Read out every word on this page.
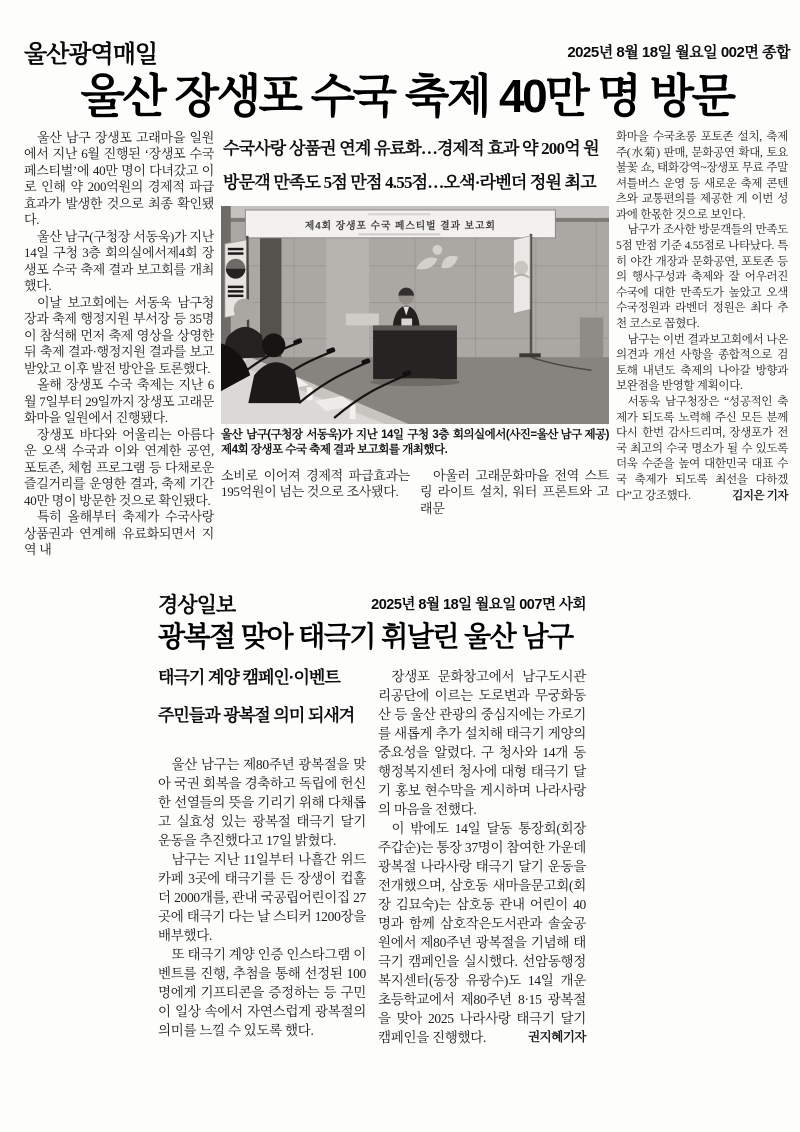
울산광역매일	2025년 8월 18일 월요일 002면 종합
울산 장생포 수국 축제 40만 명 방문

울산 남구 장생포 고래마을 일원에서 지난 6월 진행된 ‘장생포 수국 페스티벌’에 40만 명이 다녀갔고 이로 인해 약 200억원의 경제적 파급효과가 발생한 것으로 최종 확인됐다.

울산 남구(구청장 서동욱)가 지난 14일 구청 3층 회의실에서제4회 장생포 수국 축제 결과 보고회를 개최했다.

이날 보고회에는 서동욱 남구청장과 축제 행정지원 부서장 등 35명이 참석해 먼저 축제 영상을 상영한 뒤 축제 결과·행정지원 결과를 보고 받았고 이후 발전 방안을 토론했다.

올해 장생포 수국 축제는 지난 6월 7일부터 29일까지 장생포 고래문화마을 일원에서 진행됐다.

장생포 바다와 어울리는 아름다운 오색 수국과 이와 연계한 공연, 포토존, 체험 프로그램 등 다채로운 즐길거리를 운영한 결과, 축제 기간 40만 명이 방문한 것으로 확인됐다.

특히 올해부터 축제가 수국사랑 상품권과 연계해 유료화되면서 지역 내

수국사랑 상품권 연계 유료화…경제적 효과 약 200억 원
방문객 만족도 5점 만점 4.55점…오색·라벤더 정원 최고
제4회 장생포 수국 페스티벌 결과 보고회
(사진=울산 남구 제공)
울산 남구(구청장 서동욱)가 지난 14일 구청 3층 회의실에서제4회 장생포 수국 축제 결과 보고회를 개최했다.

소비로 이어져 경제적 파급효과는 195억원이 넘는 것으로 조사됐다.

아울러 고래문화마을 전역 스트링 라이트 설치, 워터 프론트와 고래문

화마을 수국초롱 포토존 설치, 축제주(水菊) 판매, 문화공연 확대, 토요 불꽃 쇼, 태화강역~장생포 무료 주말 셔틀버스 운영 등 새로운 축제 콘텐츠와 교통편의를 제공한 게 이번 성과에 한몫한 것으로 보인다.

남구가 조사한 방문객들의 만족도 5점 만점 기준 4.55점로 나타났다. 특히 야간 개장과 문화공연, 포토존 등의 행사구성과 축제와 잘 어우러진 수국에 대한 만족도가 높았고 오색 수국정원과 라벤더 정원은 최다 추천 코스로 꼽혔다.

남구는 이번 결과보고회에서 나온 의견과 개선 사항을 종합적으로 검토해 내년도 축제의 나아갈 방향과 보완점을 반영할 계획이다.

서동욱 남구청장은 “성공적인 축제가 되도록 노력해 주신 모든 분께 다시 한번 감사드리며, 장생포가 전국 최고의 수국 명소가 될 수 있도록 더욱 수준을 높여 대한민국 대표 수국 축제가 되도록 최선을 다하겠다”고 강조했다.	김지은 기자

경상일보	2025년 8월 18일 월요일 007면 사회
광복절 맞아 태극기 휘날린 울산 남구
태극기 계양 캠페인·이벤트
주민들과 광복절 의미 되새겨

울산 남구는 제80주년 광복절을 맞아 국권 회복을 경축하고 독립에 헌신한 선열들의 뜻을 기리기 위해 다채롭고 실효성 있는 광복절 태극기 달기 운동을 추진했다고 17일 밝혔다.

남구는 지난 11일부터 나흘간 위드카페 3곳에 태극기를 든 장생이 컵홀더 2000개를, 관내 국공립어린이집 27곳에 태극기 다는 날 스티커 1200장을 배부했다.

또 태극기 계양 인증 인스타그램 이벤트를 진행, 추첨을 통해 선정된 100명에게 기프티콘을 증정하는 등 구민이 일상 속에서 자연스럽게 광복절의 의미를 느낄 수 있도록 했다.

장생포 문화창고에서 남구도시관리공단에 이르는 도로변과 무궁화동산 등 울산 관광의 중심지에는 가로기를 새롭게 추가 설치해 태극기 게양의 중요성을 알렸다. 구 청사와 14개 동 행정복지센터 청사에 대형 태극기 달기 홍보 현수막을 게시하며 나라사랑의 마음을 전했다.

이 밖에도 14일 달동 통장회(회장 주갑순)는 통장 37명이 참여한 가운데 광복절 나라사랑 태극기 달기 운동을 전개했으며, 삼호동 새마을문고회(회장 김묘숙)는 삼호동 관내 어린이 40명과 함께 삼호작은도서관과 솔숲공원에서 제80주년 광복절을 기념해 태극기 캠페인을 실시했다. 선암동행정복지센터(동장 유광수)도 14일 개운초등학교에서 제80주년 8·15 광복절을 맞아 2025 나라사랑 태극기 달기 캠페인을 진행했다.	권지혜기자
